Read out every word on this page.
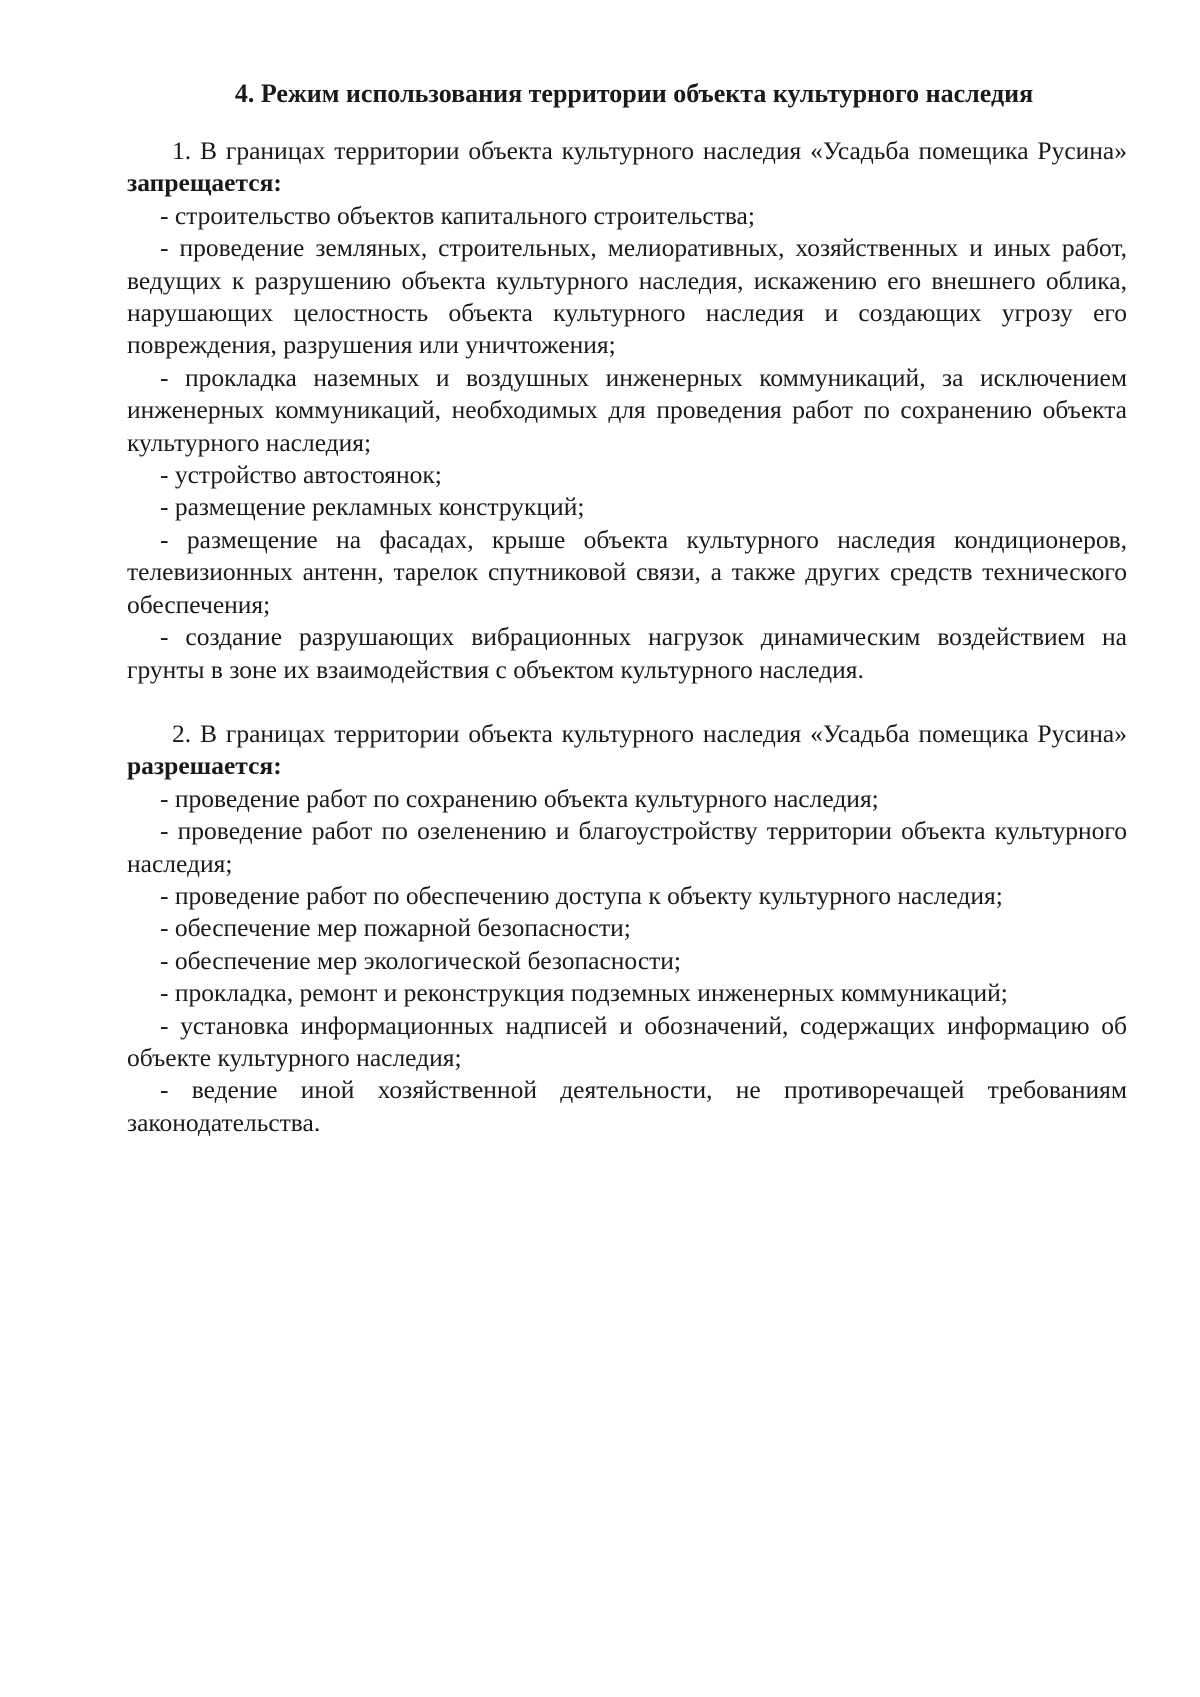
4. Режим использования территории объекта культурного наследия

1. В границах территории объекта культурного наследия «Усадьба помещика Русина» запрещается:

- строительство объектов капитального строительства;

- проведение земляных, строительных, мелиоративных, хозяйственных и иных работ, ведущих к разрушению объекта культурного наследия, искажению его внешнего облика, нарушающих целостность объекта культурного наследия и создающих угрозу его повреждения, разрушения или уничтожения;

- прокладка наземных и воздушных инженерных коммуникаций, за исключением инженерных коммуникаций, необходимых для проведения работ по сохранению объекта культурного наследия;

- устройство автостоянок;

- размещение рекламных конструкций;

- размещение на фасадах, крыше объекта культурного наследия кондиционеров, телевизионных антенн, тарелок спутниковой связи, а также других средств технического обеспечения;

- создание разрушающих вибрационных нагрузок динамическим воздействием на грунты в зоне их взаимодействия с объектом культурного наследия.

2. В границах территории объекта культурного наследия «Усадьба помещика Русина» разрешается:

- проведение работ по сохранению объекта культурного наследия;

- проведение работ по озеленению и благоустройству территории объекта культурного наследия;

- проведение работ по обеспечению доступа к объекту культурного наследия;

- обеспечение мер пожарной безопасности;

- обеспечение мер экологической безопасности;

- прокладка, ремонт и реконструкция подземных инженерных коммуникаций;

- установка информационных надписей и обозначений, содержащих информацию об объекте культурного наследия;

- ведение иной хозяйственной деятельности, не противоречащей требованиям законодательства.
